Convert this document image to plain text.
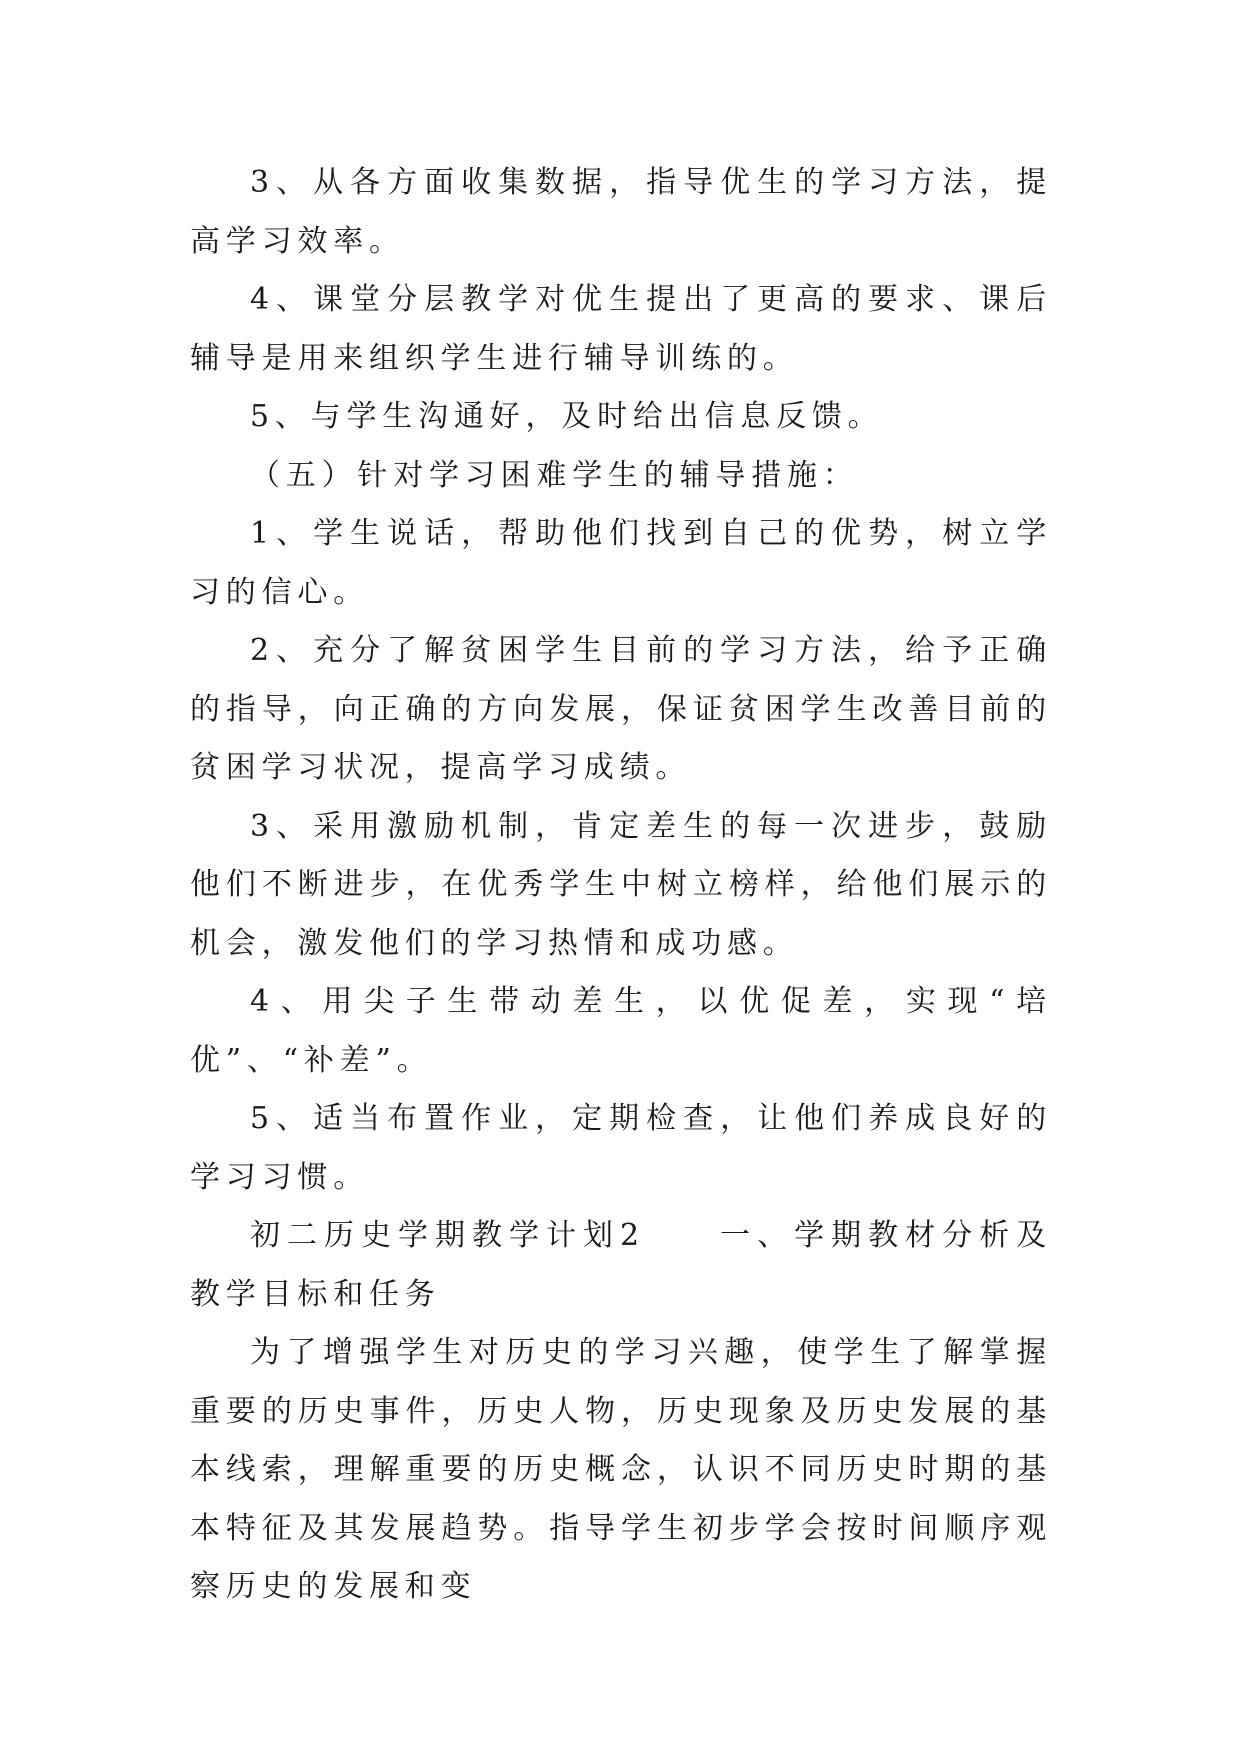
3、从各方面收集数据，指导优生的学习方法，提高学习效率。

4、课堂分层教学对优生提出了更高的要求、课后辅导是用来组织学生进行辅导训练的。

5、与学生沟通好，及时给出信息反馈。

（五）针对学习困难学生的辅导措施：

1、学生说话，帮助他们找到自己的优势，树立学习的信心。

2、充分了解贫困学生目前的学习方法，给予正确的指导，向正确的方向发展，保证贫困学生改善目前的贫困学习状况，提高学习成绩。

3、采用激励机制，肯定差生的每一次进步，鼓励他们不断进步，在优秀学生中树立榜样，给他们展示的机会，激发他们的学习热情和成功感。

4、用尖子生带动差生，以优促差，实现“培优”、“补差”。

5、适当布置作业，定期检查，让他们养成良好的学习习惯。

初二历史学期教学计划2　　一、学期教材分析及教学目标和任务

为了增强学生对历史的学习兴趣，使学生了解掌握重要的历史事件，历史人物，历史现象及历史发展的基本线索，理解重要的历史概念，认识不同历史时期的基本特征及其发展趋势。指导学生初步学会按时间顺序观察历史的发展和变
